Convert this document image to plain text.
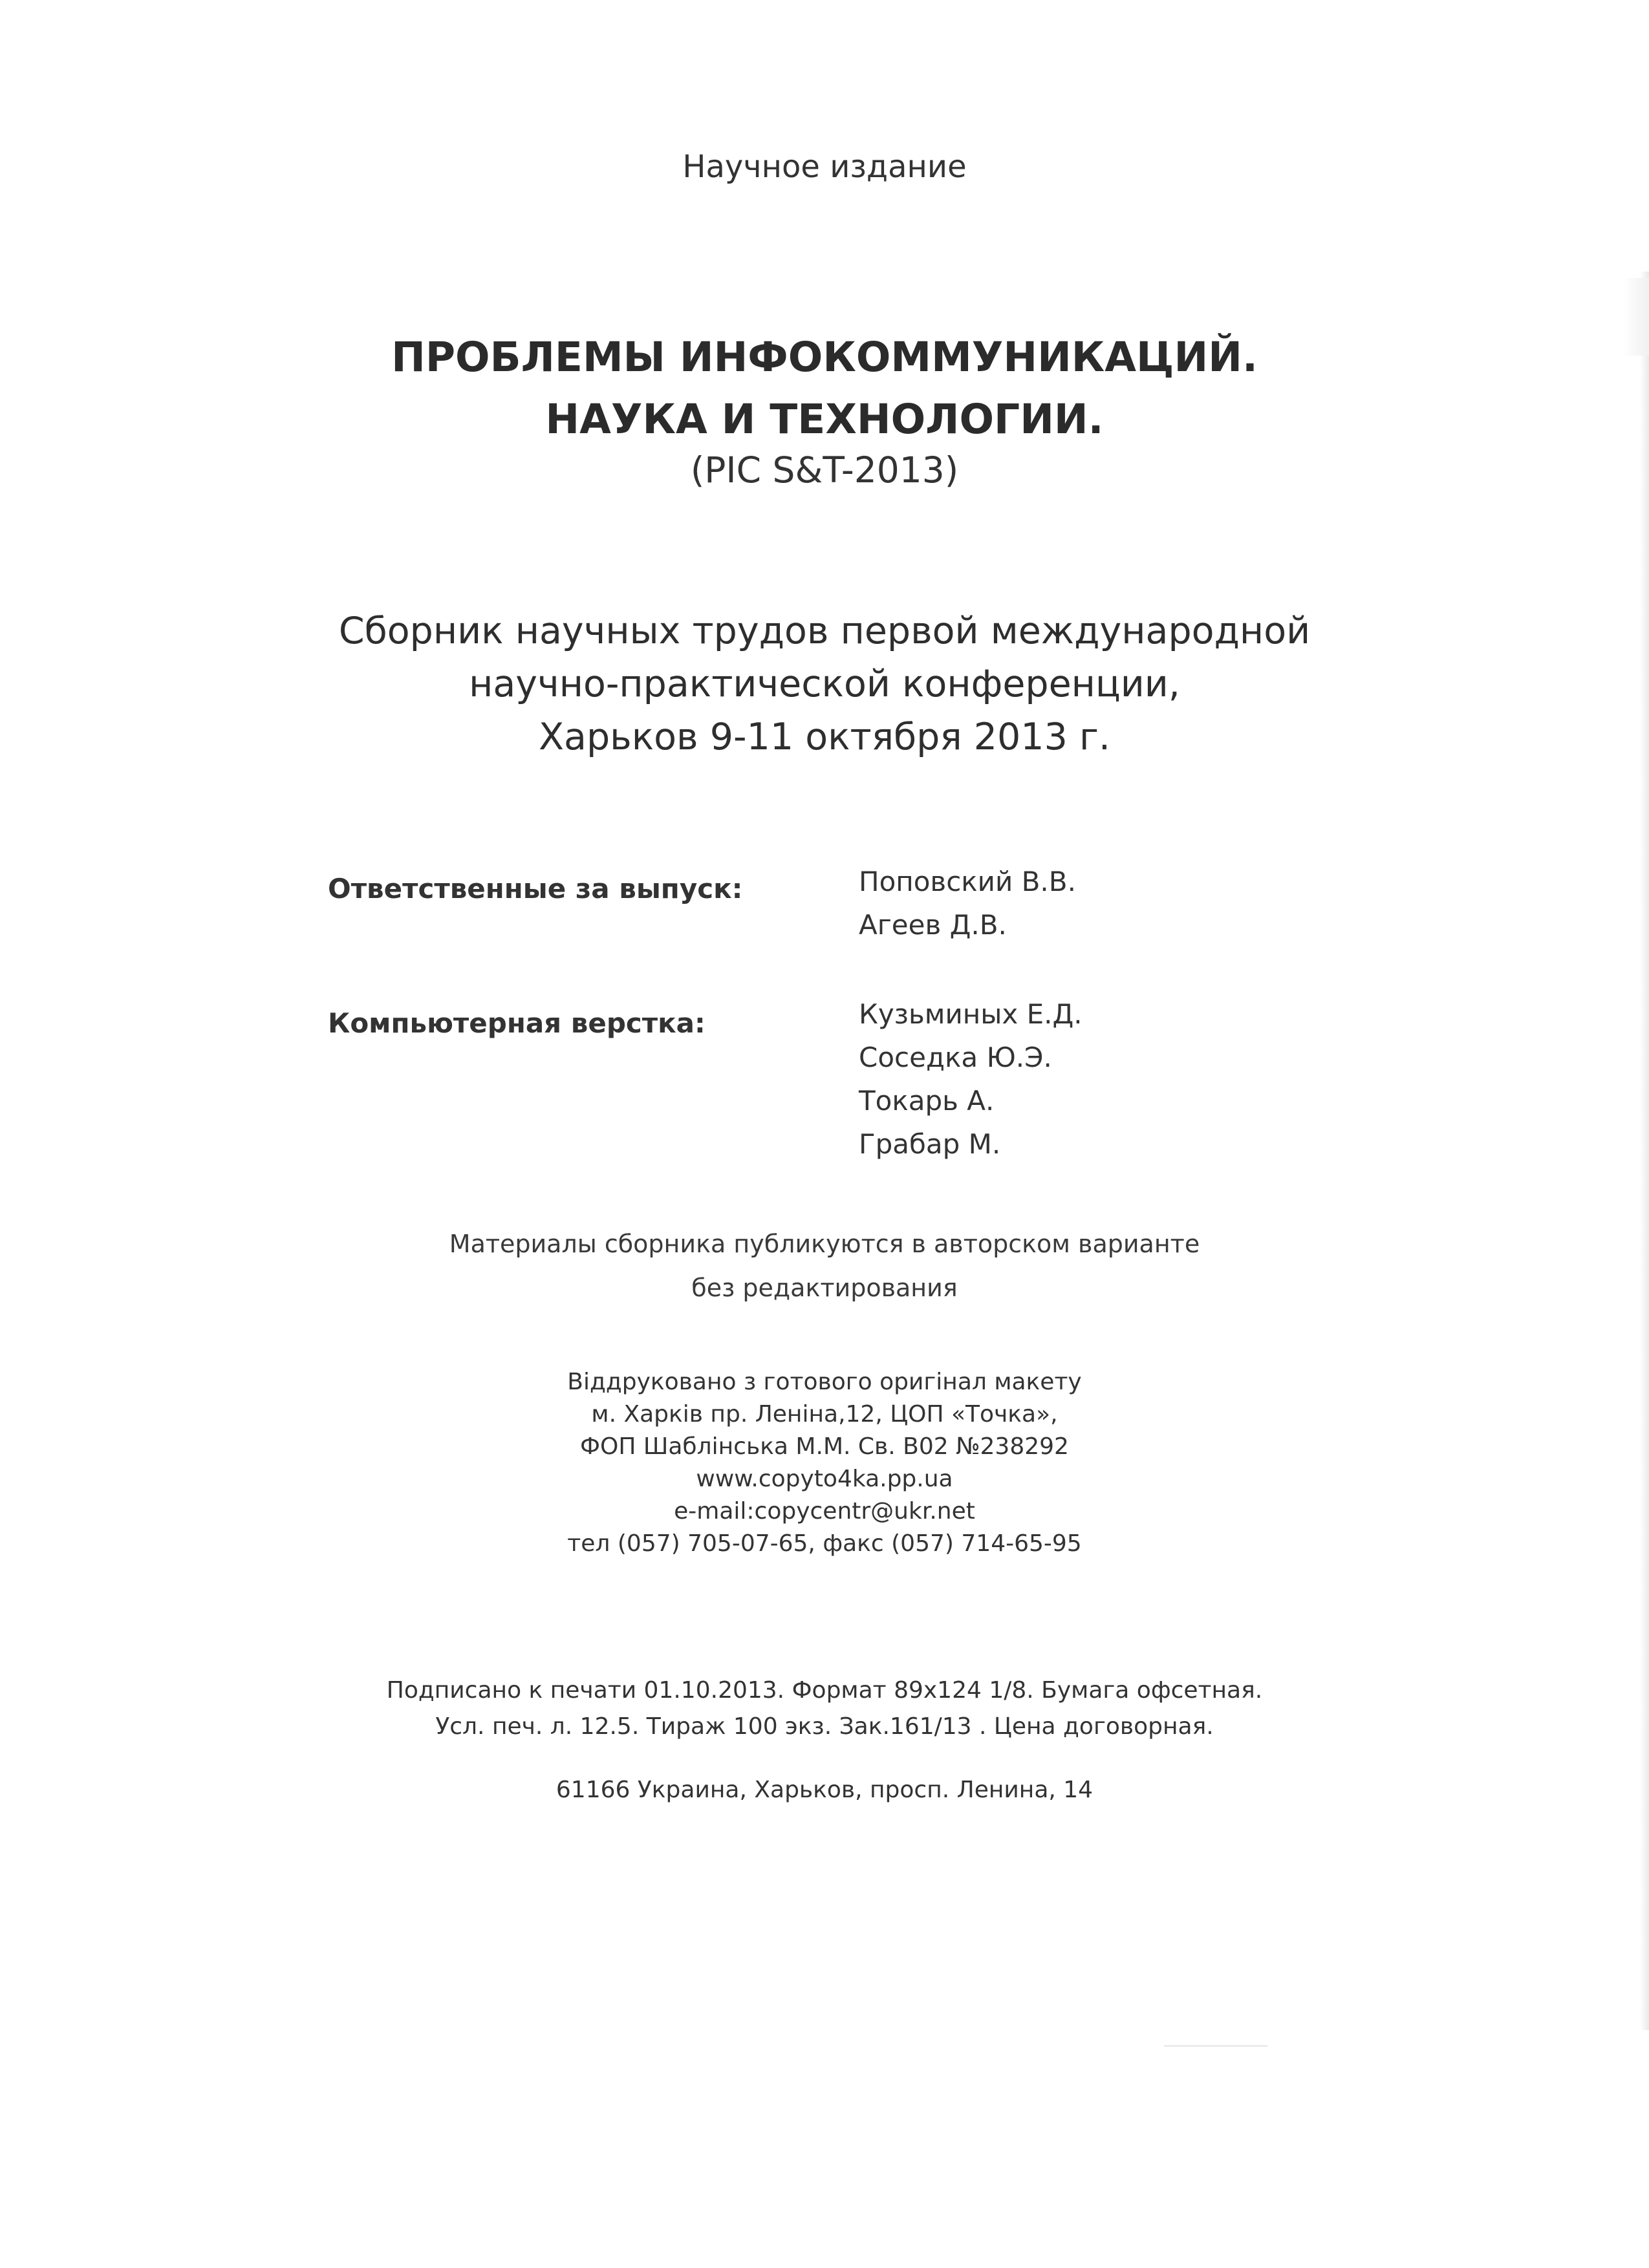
Научное издание
ПРОБЛЕМЫ ИНФОКОММУНИКАЦИЙ.
НАУКА И ТЕХНОЛОГИИ.
(PIC S&T-2013)
Сборник научных трудов первой международной
научно-практической конференции,
Харьков 9-11 октября 2013 г.
Ответственные за выпуск:	Поповский В.В.
Агеев Д.В.
Компьютерная верстка:	Кузьминых Е.Д.
Соседка Ю.Э.
Токарь А.
Грабар М.
Материалы сборника публикуются в авторском варианте
без редактирования
Віддруковано з готового оригінал макету
м. Харків пр. Леніна,12, ЦОП «Точка»,
ФОП Шаблінська М.М. Св. В02 №238292
www.copyto4ka.pp.ua
e-mail:copycentr@ukr.net
тел (057) 705-07-65, факс (057) 714-65-95
Подписано к печати 01.10.2013. Формат 89x124 1/8. Бумага офсетная.
Усл. печ. л. 12.5. Тираж 100 экз. Зак.161/13 . Цена договорная.
61166 Украина, Харьков, просп. Ленина, 14
